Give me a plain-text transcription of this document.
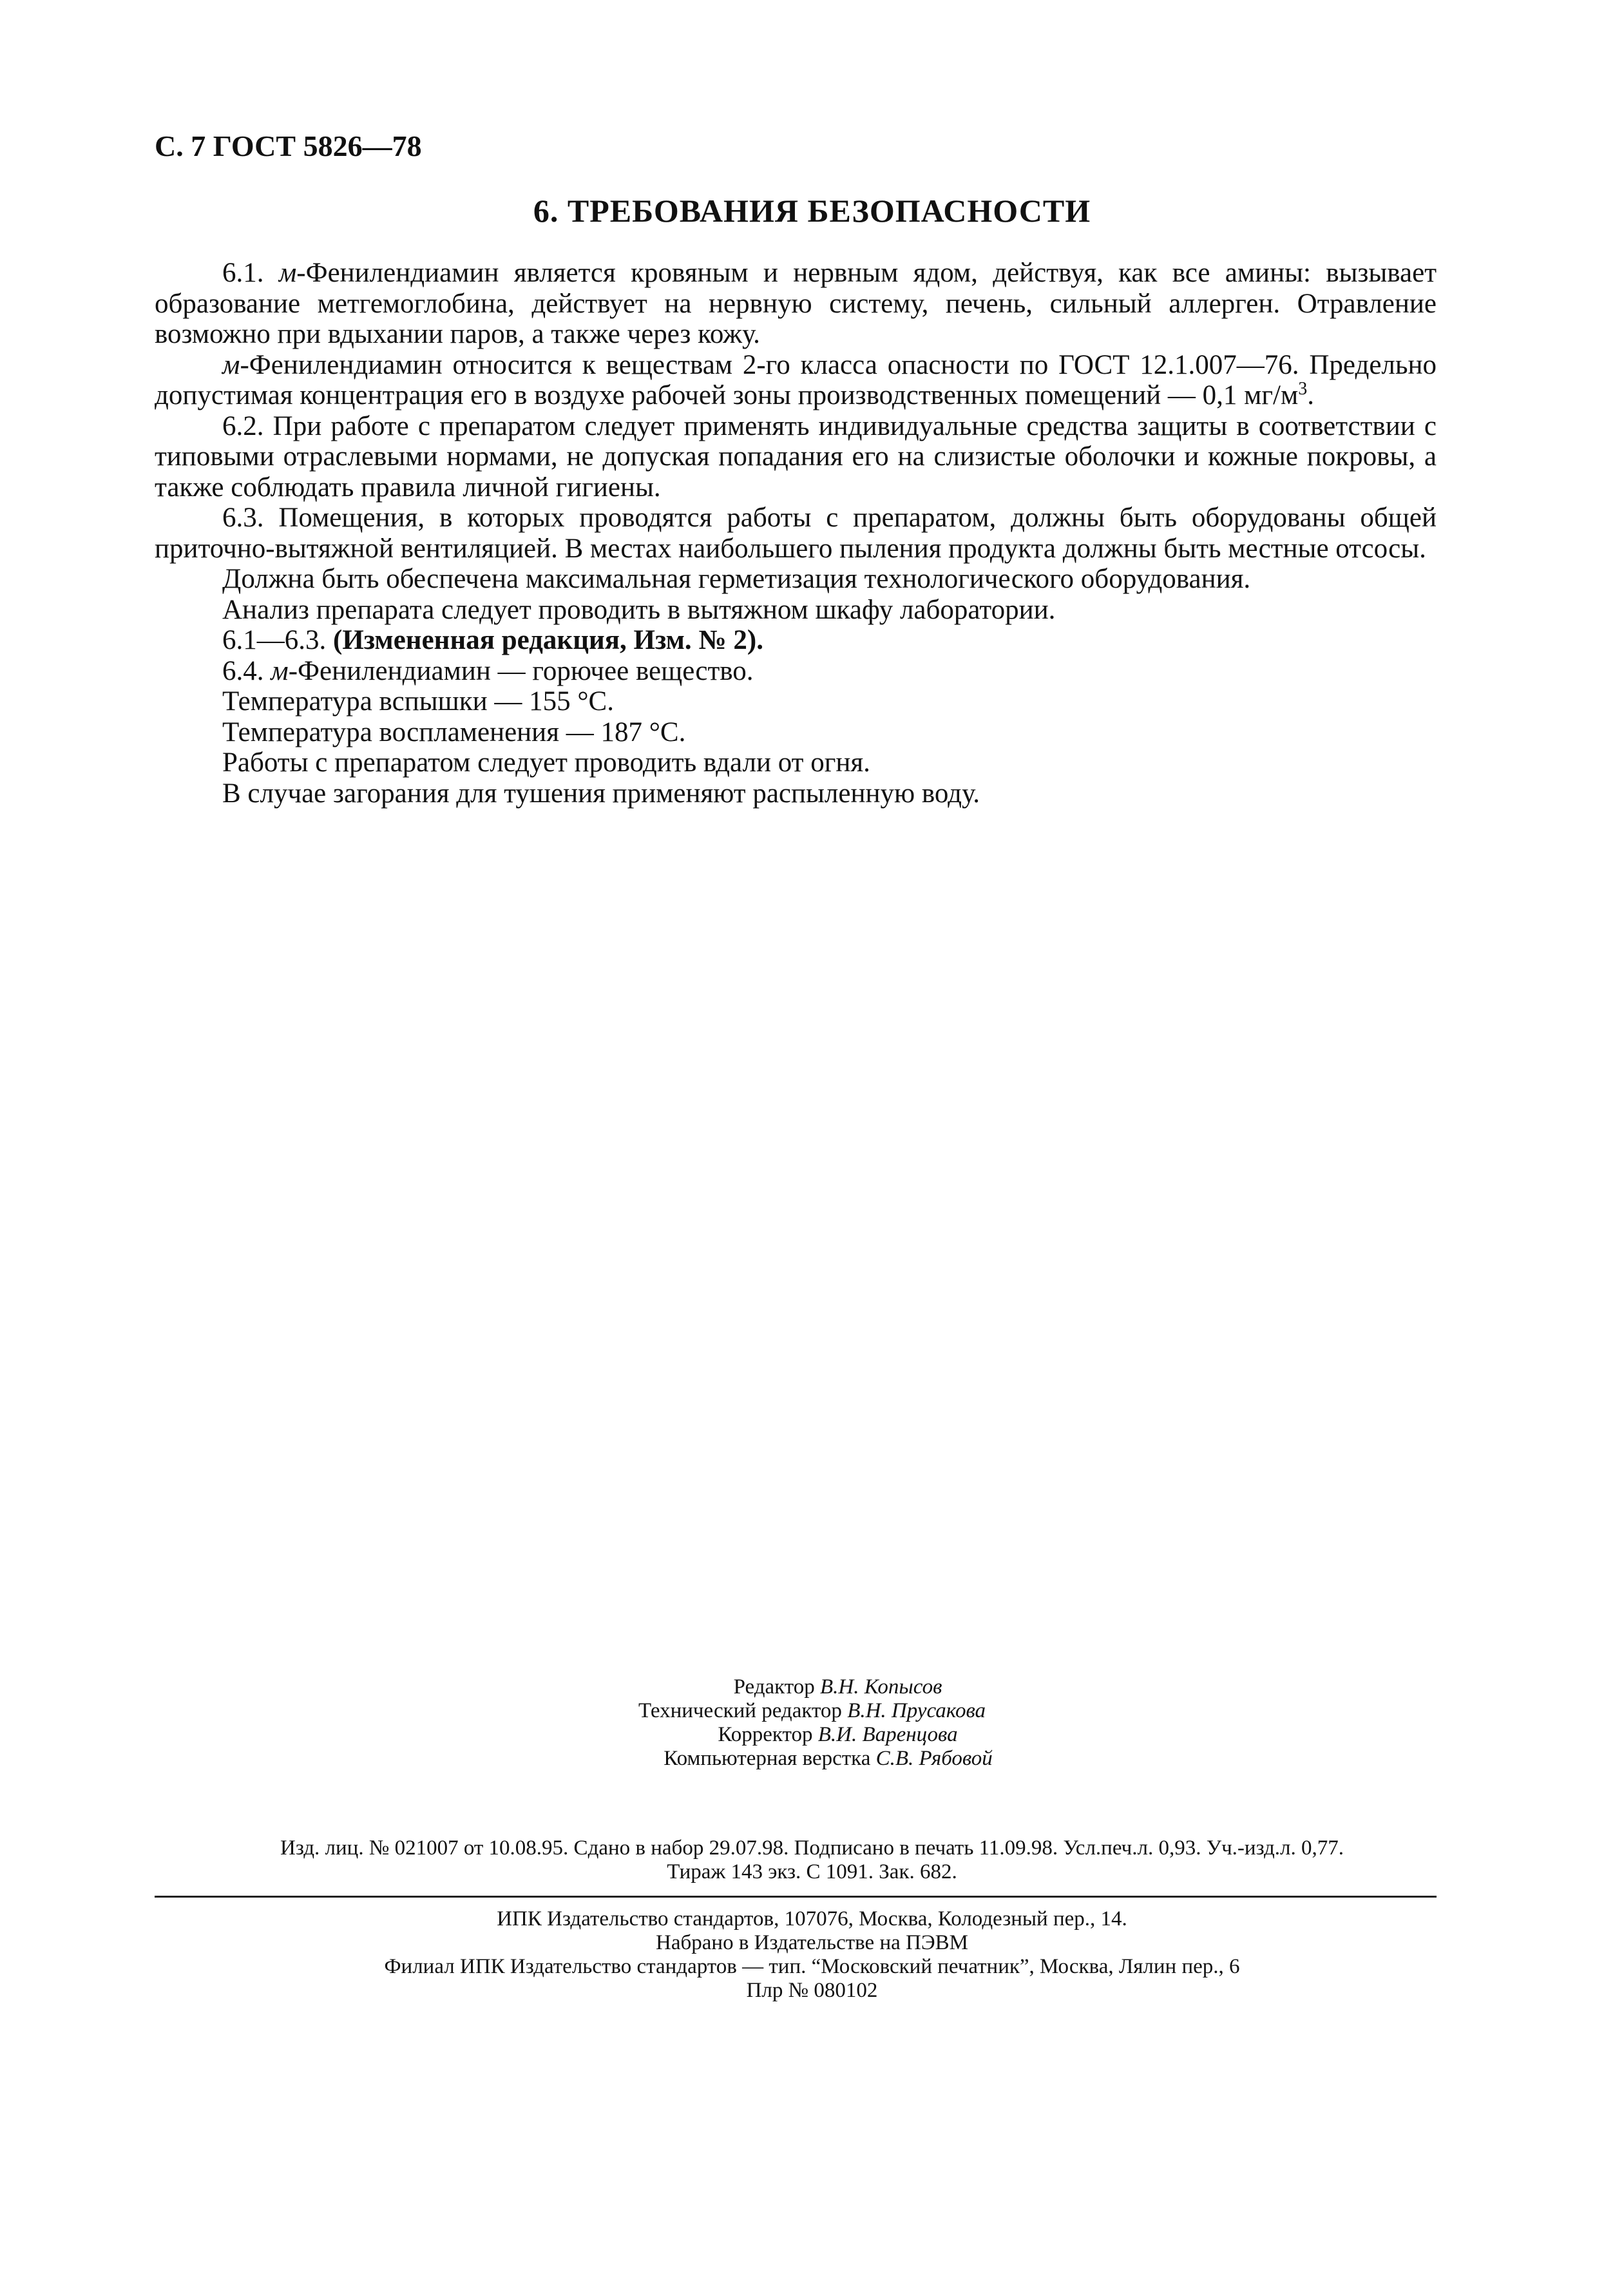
С. 7 ГОСТ 5826—78
6. ТРЕБОВАНИЯ БЕЗОПАСНОСТИ

6.1. м-Фенилендиамин является кровяным и нервным ядом, действуя, как все амины: вызывает образование метгемоглобина, действует на нервную систему, печень, сильный аллерген. Отравление возможно при вдыхании паров, а также через кожу.

м-Фенилендиамин относится к веществам 2-го класса опасности по ГОСТ 12.1.007—76. Предельно допустимая концентрация его в воздухе рабочей зоны производственных помещений — 0,1 $мг/м^3$.

6.2. При работе с препаратом следует применять индивидуальные средства защиты в соответствии с типовыми отраслевыми нормами, не допуская попадания его на слизистые оболочки и кожные покровы, а также соблюдать правила личной гигиены.

6.3. Помещения, в которых проводятся работы с препаратом, должны быть оборудованы общей приточно-вытяжной вентиляцией. В местах наибольшего пыления продукта должны быть местные отсосы.

Должна быть обеспечена максимальная герметизация технологического оборудования.

Анализ препарата следует проводить в вытяжном шкафу лаборатории.

6.1—6.3. (Измененная редакция, Изм. № 2).

6.4. м-Фенилендиамин — горючее вещество.

Температура вспышки — 155 °С.

Температура воспламенения — 187 °С.

Работы с препаратом следует проводить вдали от огня.

В случае загорания для тушения применяют распыленную воду.

Редактор В.Н. Копысов
Технический редактор В.Н. Прусакова
Корректор В.И. Варенцова
Компьютерная верстка С.В. Рябовой
Изд. лиц. № 021007 от 10.08.95. Сдано в набор 29.07.98. Подписано в печать 11.09.98. Усл.печ.л. 0,93. Уч.-изд.л. 0,77.
Тираж 143 экз. С 1091. Зак. 682.
ИПК Издательство стандартов, 107076, Москва, Колодезный пер., 14.
Набрано в Издательстве на ПЭВМ
Филиал ИПК Издательство стандартов — тип. “Московский печатник”, Москва, Лялин пер., 6
Плр № 080102
